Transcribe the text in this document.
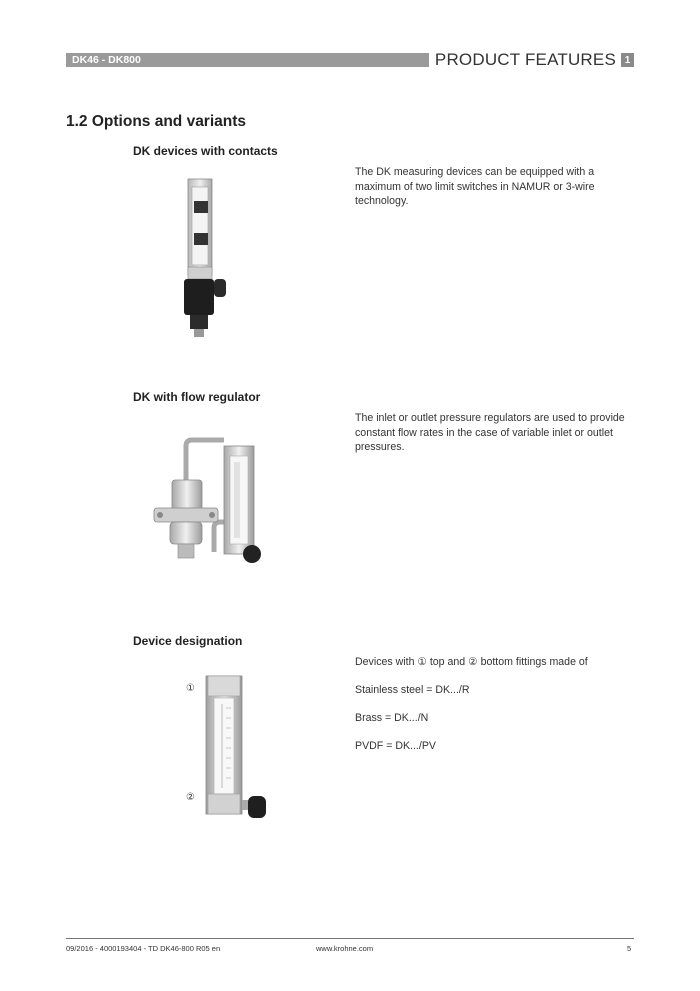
DK46 - DK800	PRODUCT FEATURES 1
1.2 Options and variants
DK devices with contacts

The DK measuring devices can be equipped with a maximum of two limit switches in NAMUR or 3-wire technology.

DK with flow regulator

The inlet or outlet pressure regulators are used to provide constant flow rates in the case of variable inlet or outlet pressures.

Device designation

Devices with ① top and ② bottom fittings made of

Stainless steel = DK.../R

Brass = DK.../N

PVDF = DK.../PV

①
②
09/2016 - 4000193404 - TD DK46-800 R05 en	www.krohne.com	5
